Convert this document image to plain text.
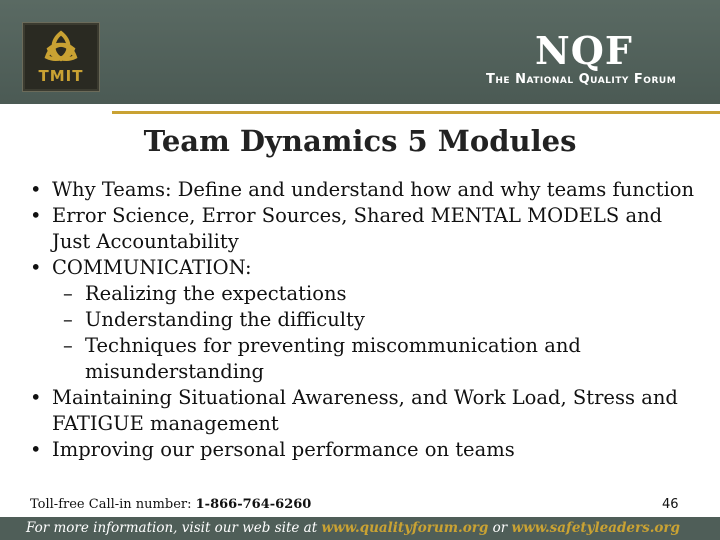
TMIT
NQF
The National Quality Forum
Team Dynamics 5 Modules
• Why Teams: Define and understand how and why teams function
• Error Science, Error Sources, Shared MENTAL MODELS and Just Accountability
• COMMUNICATION:
– Realizing the expectations
– Understanding the difficulty
– Techniques for preventing miscommunication and misunderstanding
• Maintaining Situational Awareness, and Work Load, Stress and FATIGUE management
• Improving our personal performance on teams
Toll-free Call-in number: 1-866-764-6260	46
For more information, visit our web site at www.qualityforum.org or www.safetyleaders.org
